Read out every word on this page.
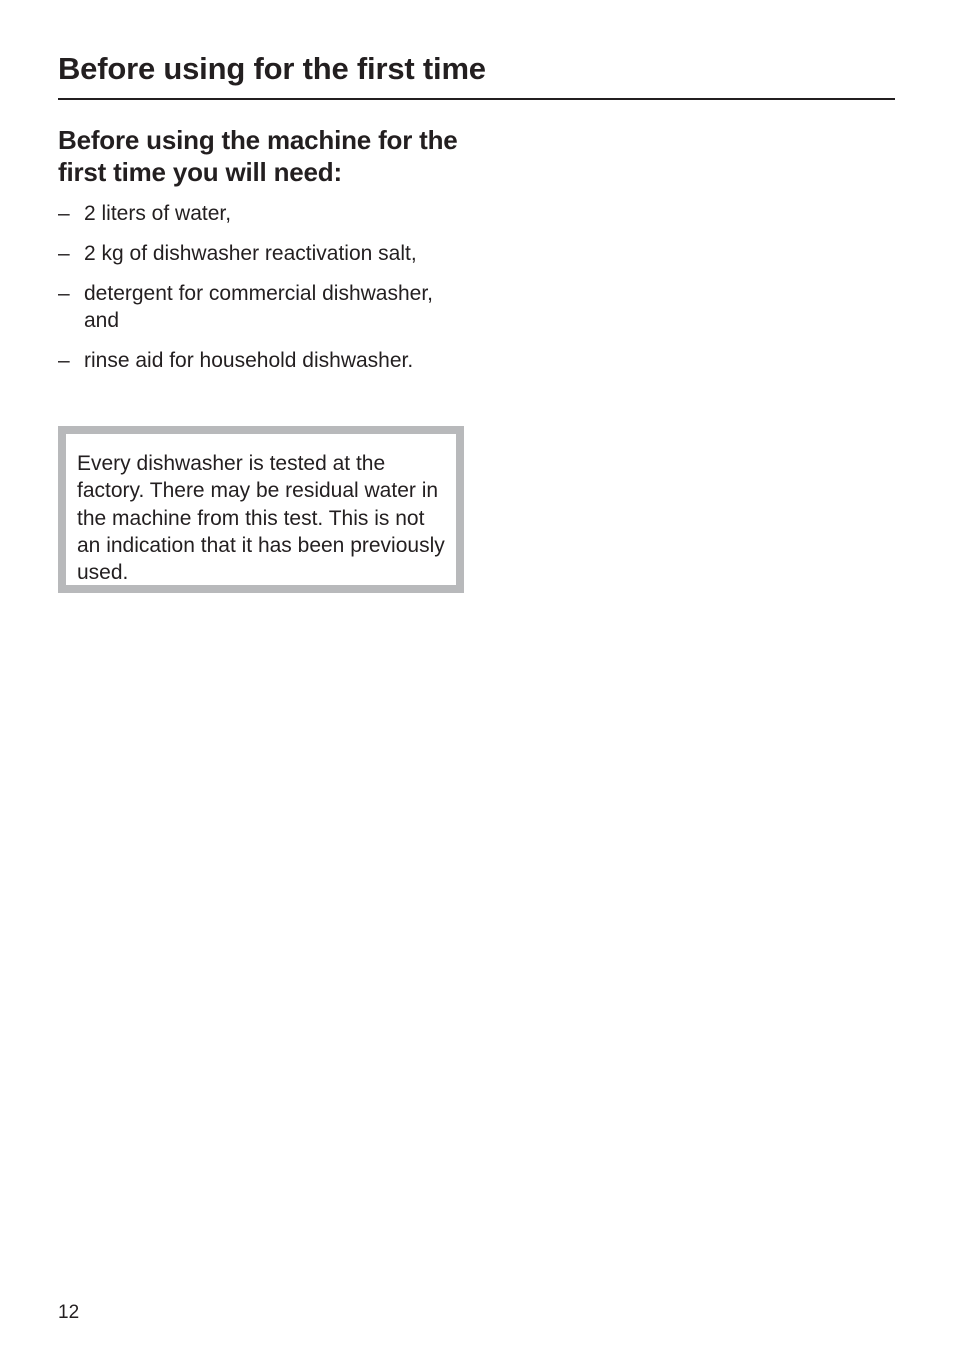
Before using for the first time
Before using the machine for the first time you will need:
– 2 liters of water,
– 2 kg of dishwasher reactivation salt,
– detergent for commercial dishwasher, and
– rinse aid for household dishwasher.

Every dishwasher is tested at the factory. There may be residual water in the machine from this test. This is not an indication that it has been previously used.

12
